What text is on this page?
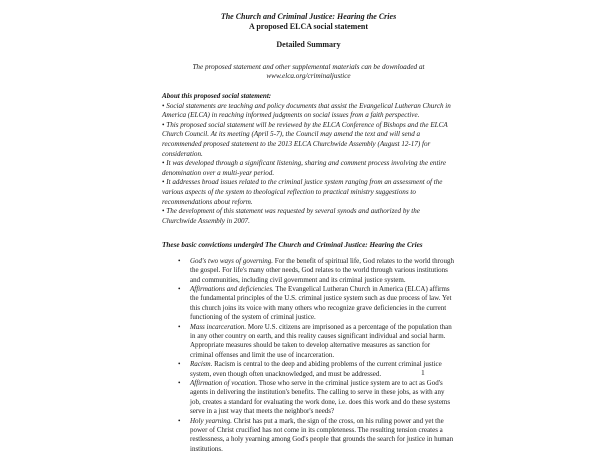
The Church and Criminal Justice: Hearing the Cries
A proposed ELCA social statement
Detailed Summary
The proposed statement and other supplemental materials can be downloaded at
www.elca.org/criminaljustice
About this proposed social statement:
• Social statements are teaching and policy documents that assist the Evangelical Lutheran Church in America (ELCA) in reaching informed judgments on social issues from a faith perspective.
• This proposed social statement will be reviewed by the ELCA Conference of Bishops and the ELCA Church Council. At its meeting (April 5-7), the Council may amend the text and will send a recommended proposed statement to the 2013 ELCA Churchwide Assembly (August 12-17) for consideration.
• It was developed through a significant listening, sharing and comment process involving the entire denomination over a multi-year period.
• It addresses broad issues related to the criminal justice system ranging from an assessment of the various aspects of the system to theological reflection to practical ministry suggestions to recommendations about reform.
• The development of this statement was requested by several synods and authorized by the Churchwide Assembly in 2007.
These basic convictions undergird The Church and Criminal Justice: Hearing the Cries
•	God's two ways of governing. For the benefit of spiritual life, God relates to the world through the gospel. For life's many other needs, God relates to the world through various institutions and communities, including civil government and its criminal justice system.
•	Affirmations and deficiencies. The Evangelical Lutheran Church in America (ELCA) affirms the fundamental principles of the U.S. criminal justice system such as due process of law. Yet this church joins its voice with many others who recognize grave deficiencies in the current functioning of the system of criminal justice.
•	Mass incarceration. More U.S. citizens are imprisoned as a percentage of the population than in any other country on earth, and this reality causes significant individual and social harm. Appropriate measures should be taken to develop alternative measures as sanction for criminal offenses and limit the use of incarceration.
•	Racism. Racism is central to the deep and abiding problems of the current criminal justice system, even though often unacknowledged, and must be addressed.
•	Affirmation of vocation. Those who serve in the criminal justice system are to act as God's agents in delivering the institution's benefits. The calling to serve in these jobs, as with any job, creates a standard for evaluating the work done, i.e. does this work and do these systems serve in a just way that meets the neighbor's needs?
•	Holy yearning. Christ has put a mark, the sign of the cross, on his ruling power and yet the power of Christ crucified has not come in its completeness. The resulting tension creates a restlessness, a holy yearning among God's people that grounds the search for justice in human institutions.
1
